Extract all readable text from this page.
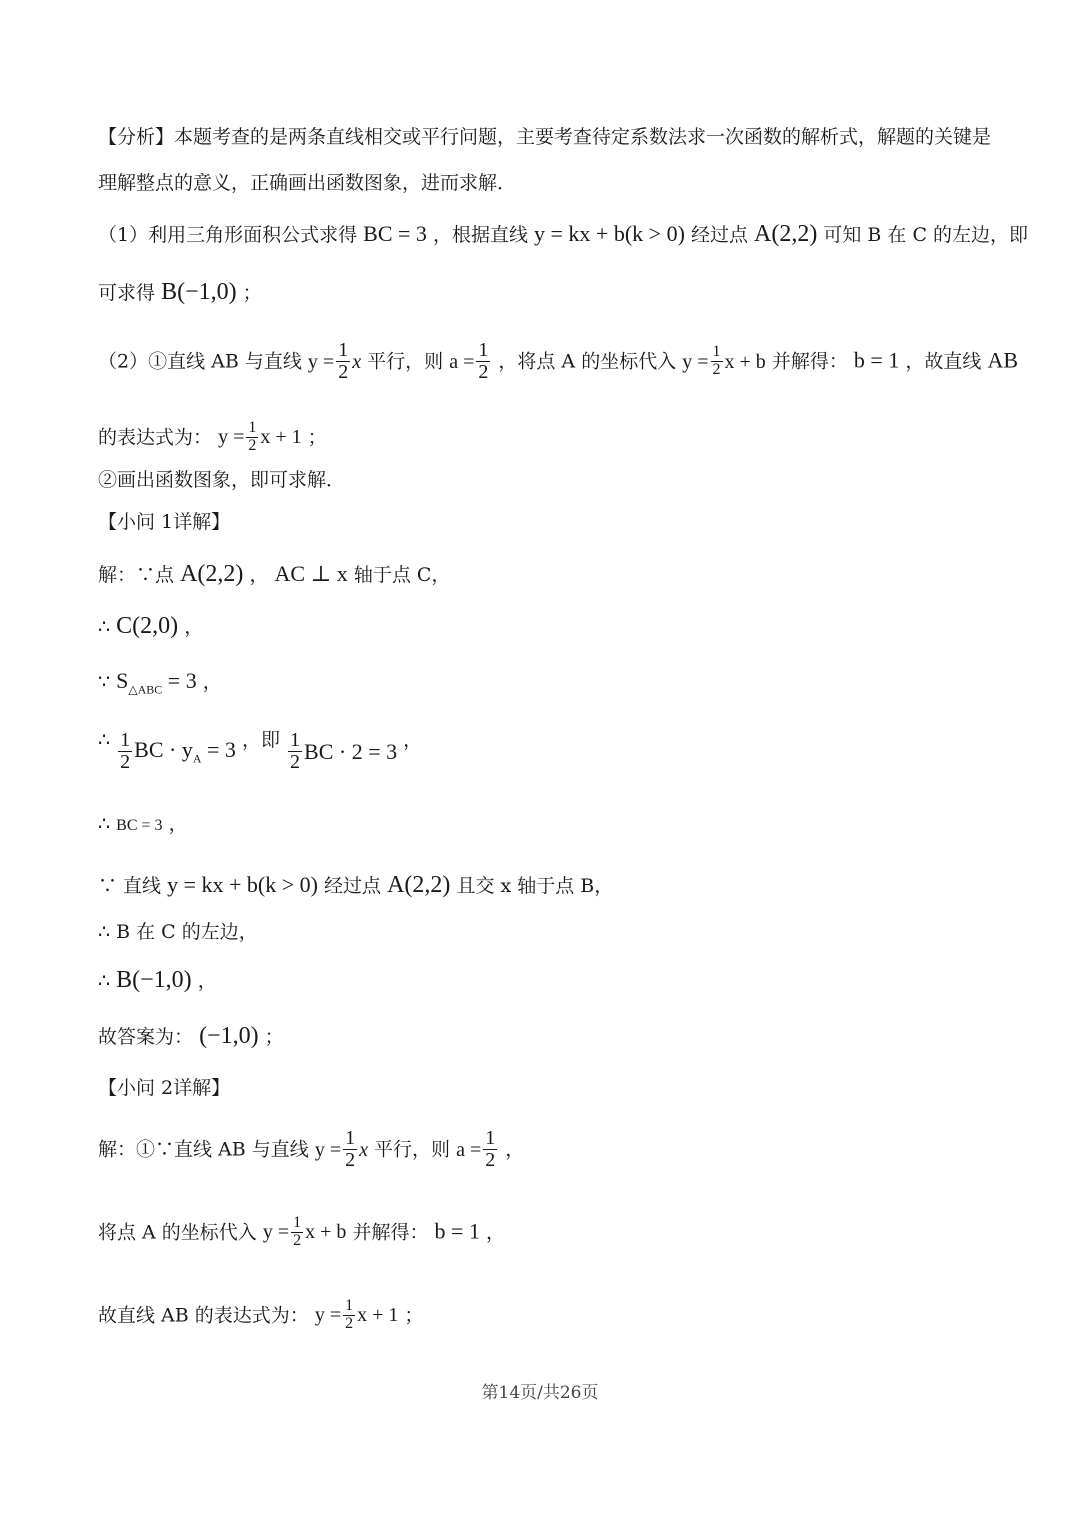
【分析】本题考查的是两条直线相交或平行问题，主要考查待定系数法求一次函数的解析式，解题的关键是
理解整点的意义，正确画出函数图象，进而求解．
（1）利用三角形面积公式求得 BC = 3 ，根据直线 y = kx + b(k > 0) 经过点 A(2,2) 可知 B 在 C 的左边，即
可求得 B(−1,0) ；
（2）①直线 AB 与直线 $y = \frac{1}{2}$ x 平行，则 $a = \frac{1}{2}$ ，将点 A 的坐标代入 $y = \frac{1}{2}$ x + b 并解得： b = 1 ，故直线 AB
的表达式为： $y = \frac{1}{2}$ x + 1 ；
②画出函数图象，即可求解．
【小问 1详解】
解：∵点 A(2,2) ， AC ⊥ x 轴于点 C，
∴ C(2,0) ，
∵ $S_{\triangle ABC} = 3$ ，
∴ $\frac{1}{2}$ BC · $y_A = 3$ ，即 $\frac{1}{2}$ BC · 2 = 3 ，
∴ BC = 3 ，
∵ 直线 y = kx + b(k > 0) 经过点 A(2,2) 且交 x 轴于点 B，
∴ B 在 C 的左边，
∴ B(−1,0) ，
故答案为： (−1,0) ；
【小问 2详解】
解：①∵直线 AB 与直线 $y = \frac{1}{2}$ x 平行，则 $a = \frac{1}{2}$ ，
将点 A 的坐标代入 $y = \frac{1}{2}$ x + b 并解得： b = 1 ，
故直线 AB 的表达式为： $y = \frac{1}{2}$ x + 1 ；
第14页/共26页
